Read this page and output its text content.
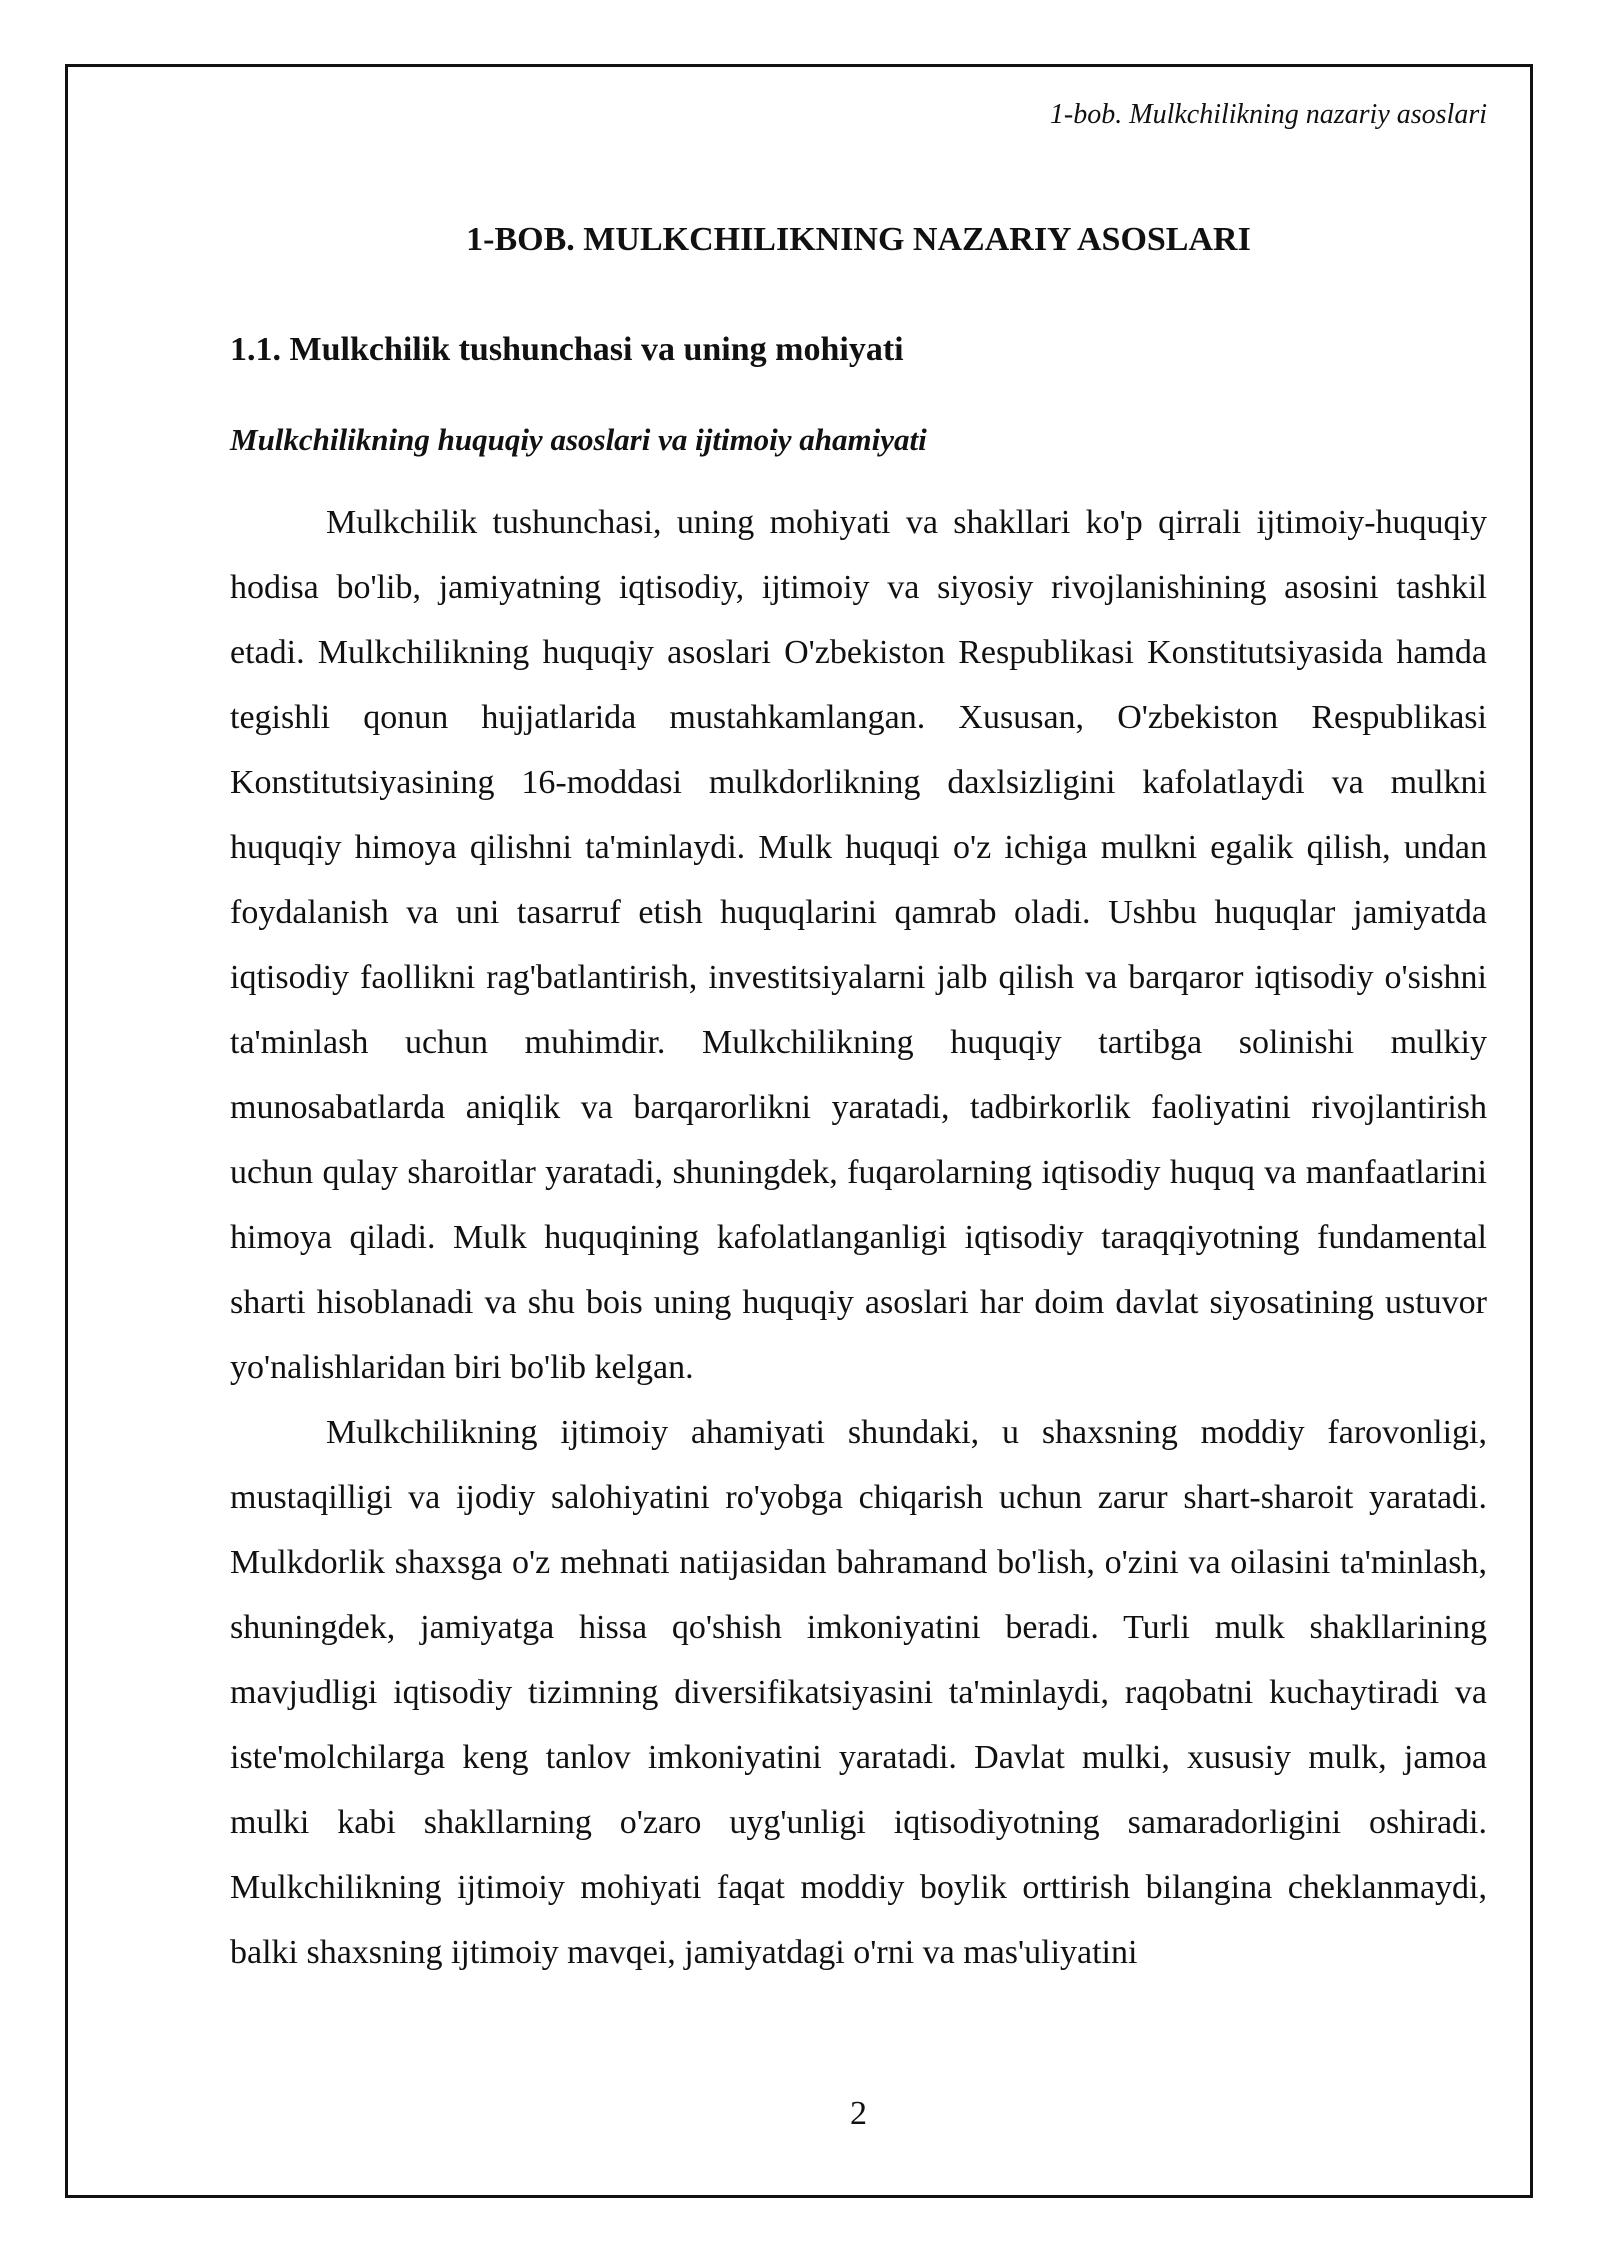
1-bob. Mulkchilikning nazariy asoslari
1-BOB. MULKCHILIKNING NAZARIY ASOSLARI
1.1. Mulkchilik tushunchasi va uning mohiyati
Mulkchilikning huquqiy asoslari va ijtimoiy ahamiyati

Mulkchilik tushunchasi, uning mohiyati va shakllari ko'p qirrali ijtimoiy-huquqiy hodisa bo'lib, jamiyatning iqtisodiy, ijtimoiy va siyosiy rivojlanishining asosini tashkil etadi. Mulkchilikning huquqiy asoslari O'zbekiston Respublikasi Konstitutsiyasida hamda tegishli qonun hujjatlarida mustahkamlangan. Xususan, O'zbekiston Respublikasi Konstitutsiyasining 16-moddasi mulkdorlikning daxlsizligini kafolatlaydi va mulkni huquqiy himoya qilishni ta'minlaydi. Mulk huquqi o'z ichiga mulkni egalik qilish, undan foydalanish va uni tasarruf etish huquqlarini qamrab oladi. Ushbu huquqlar jamiyatda iqtisodiy faollikni rag'batlantirish, investitsiyalarni jalb qilish va barqaror iqtisodiy o'sishni ta'minlash uchun muhimdir. Mulkchilikning huquqiy tartibga solinishi mulkiy munosabatlarda aniqlik va barqarorlikni yaratadi, tadbirkorlik faoliyatini rivojlantirish uchun qulay sharoitlar yaratadi, shuningdek, fuqarolarning iqtisodiy huquq va manfaatlarini himoya qiladi. Mulk huquqining kafolatlanganligi iqtisodiy taraqqiyotning fundamental sharti hisoblanadi va shu bois uning huquqiy asoslari har doim davlat siyosatining ustuvor yo'nalishlaridan biri bo'lib kelgan.

Mulkchilikning ijtimoiy ahamiyati shundaki, u shaxsning moddiy farovonligi, mustaqilligi va ijodiy salohiyatini ro'yobga chiqarish uchun zarur shart-sharoit yaratadi. Mulkdorlik shaxsga o'z mehnati natijasidan bahramand bo'lish, o'zini va oilasini ta'minlash, shuningdek, jamiyatga hissa qo'shish imkoniyatini beradi. Turli mulk shakllarining mavjudligi iqtisodiy tizimning diversifikatsiyasini ta'minlaydi, raqobatni kuchaytiradi va iste'molchilarga keng tanlov imkoniyatini yaratadi. Davlat mulki, xususiy mulk, jamoa mulki kabi shakllarning o'zaro uyg'unligi iqtisodiyotning samaradorligini oshiradi. Mulkchilikning ijtimoiy mohiyati faqat moddiy boylik orttirish bilangina cheklanmaydi, balki shaxsning ijtimoiy mavqei, jamiyatdagi o'rni va mas'uliyatini

2
